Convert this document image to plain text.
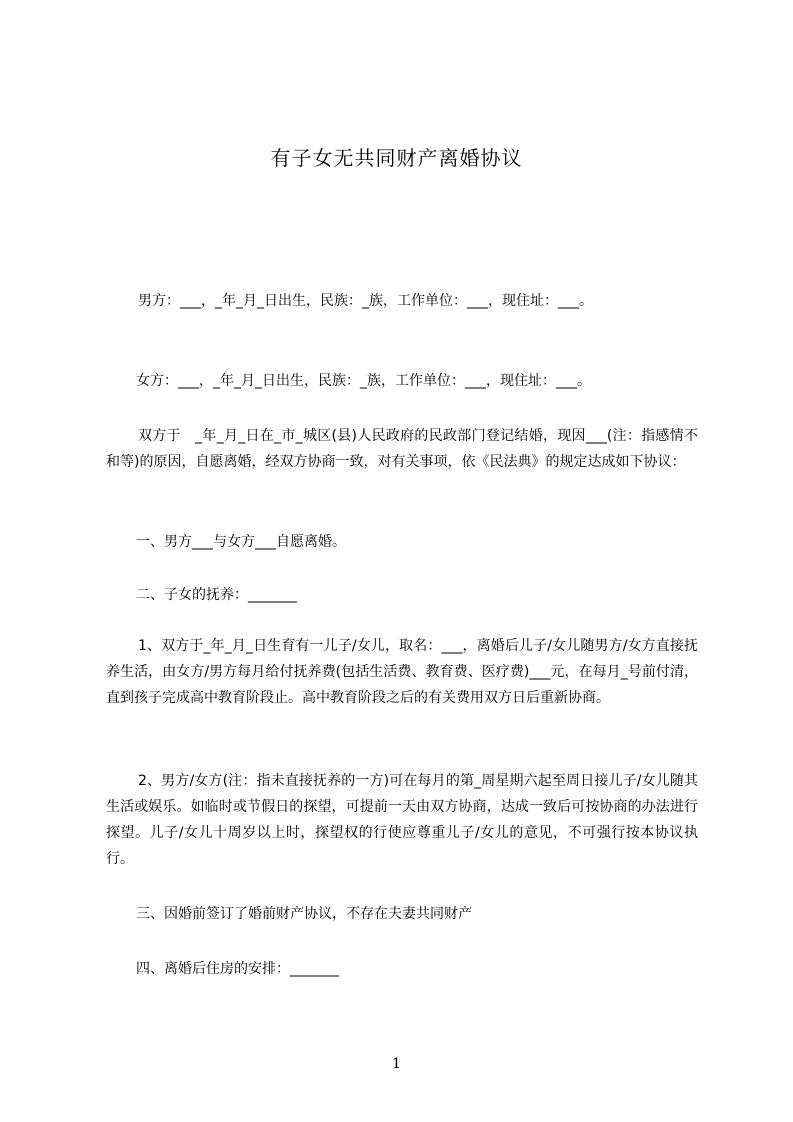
有子女无共同财产离婚协议
男方：___，_年_月_日出生，民族：_族，工作单位：___，现住址：___。
女方：___，_年_月_日出生，民族：_族，工作单位：___，现住址：___。
双方于　_年_月_日在_市_城区(县)人民政府的民政部门登记结婚，现因___(注：指感情不和等)的原因，自愿离婚，经双方协商一致，对有关事项，依《民法典》的规定达成如下协议：
一、男方___与女方___自愿离婚。
二、子女的抚养：_______
1、双方于_年_月_日生育有一儿子/女儿，取名：___，离婚后儿子/女儿随男方/女方直接抚养生活，由女方/男方每月给付抚养费(包括生活费、教育费、医疗费)___元，在每月_号前付清，直到孩子完成高中教育阶段止。高中教育阶段之后的有关费用双方日后重新协商。
2、男方/女方(注：指未直接抚养的一方)可在每月的第_周星期六起至周日接儿子/女儿随其生活或娱乐。如临时或节假日的探望，可提前一天由双方协商，达成一致后可按协商的办法进行探望。儿子/女儿十周岁以上时，探望权的行使应尊重儿子/女儿的意见，不可强行按本协议执行。
三、因婚前签订了婚前财产协议，不存在夫妻共同财产
四、离婚后住房的安排：_______
1
